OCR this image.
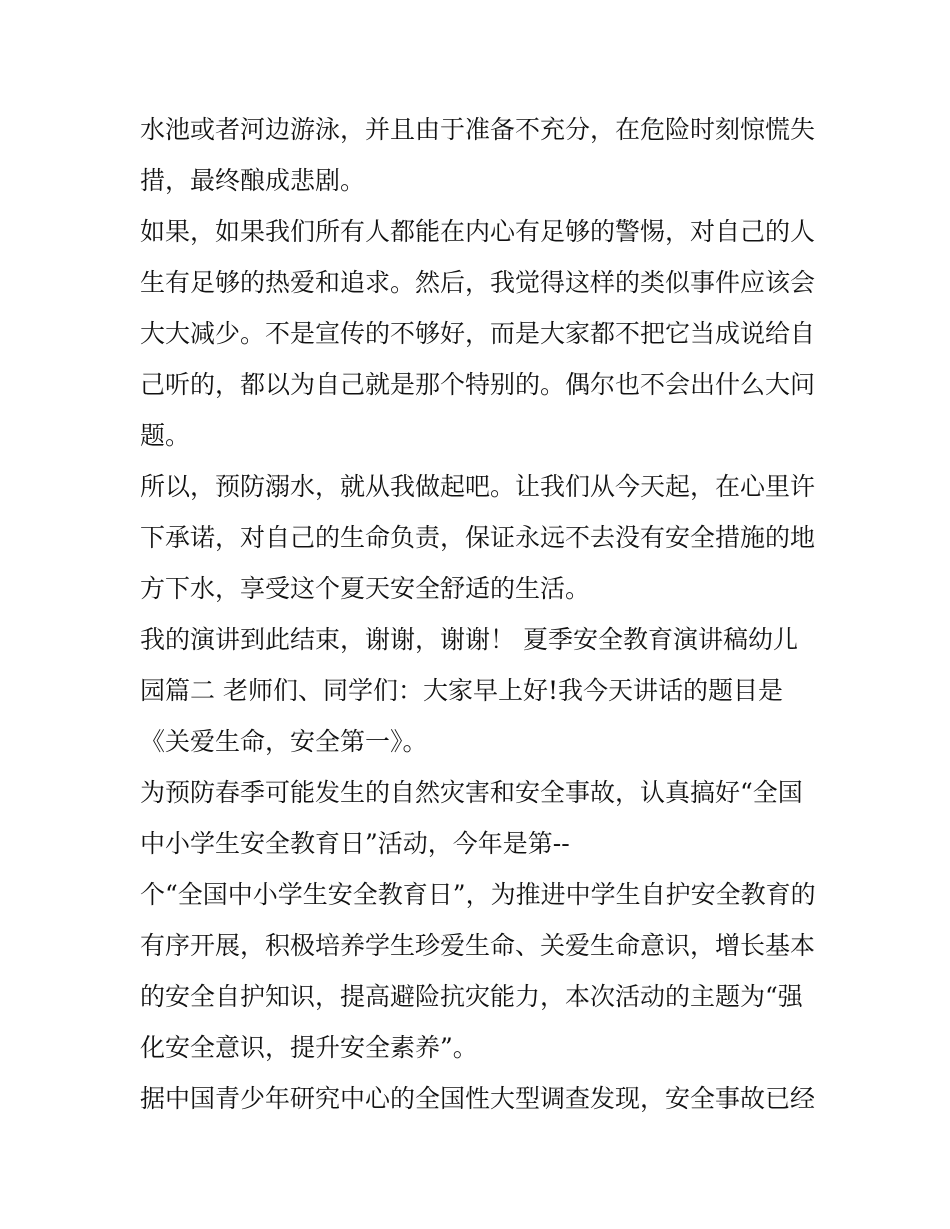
水池或者河边游泳，并且由于准备不充分，在危险时刻惊慌失
措，最终酿成悲剧。
如果，如果我们所有人都能在内心有足够的警惕，对自己的人
生有足够的热爱和追求。然后，我觉得这样的类似事件应该会
大大减少。不是宣传的不够好，而是大家都不把它当成说给自
己听的，都以为自己就是那个特别的。偶尔也不会出什么大问
题。
所以，预防溺水，就从我做起吧。让我们从今天起，在心里许
下承诺，对自己的生命负责，保证永远不去没有安全措施的地
方下水，享受这个夏天安全舒适的生活。
我的演讲到此结束，谢谢，谢谢！ 夏季安全教育演讲稿幼儿
园篇二 老师们、同学们：大家早上好!我今天讲话的题目是
《关爱生命，安全第一》。
为预防春季可能发生的自然灾害和安全事故，认真搞好“全国
中小学生安全教育日”活动，今年是第--
个“全国中小学生安全教育日”，为推进中学生自护安全教育的
有序开展，积极培养学生珍爱生命、关爱生命意识，增长基本
的安全自护知识，提高避险抗灾能力，本次活动的主题为“强
化安全意识，提升安全素养”。
据中国青少年研究中心的全国性大型调查发现，安全事故已经
